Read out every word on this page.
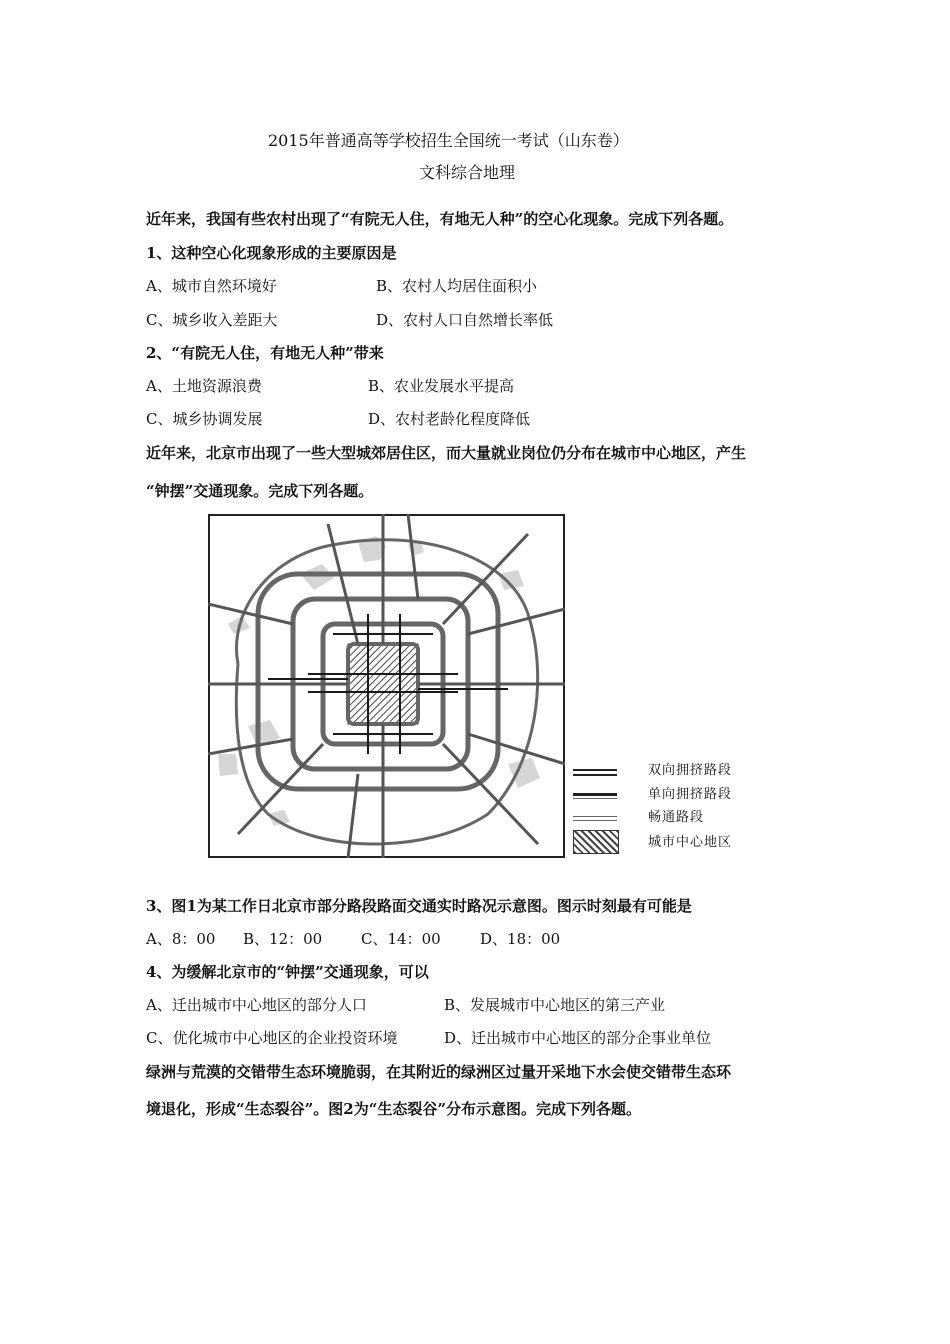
2015年普通高等学校招生全国统一考试（山东卷）
文科综合地理
近年来，我国有些农村出现了“有院无人住，有地无人种”的空心化现象。完成下列各题。
1、这种空心化现象形成的主要原因是
A、城市自然环境好	B、农村人均居住面积小
C、城乡收入差距大	D、农村人口自然增长率低
2、“有院无人住，有地无人种”带来
A、土地资源浪费	B、农业发展水平提高
C、城乡协调发展	D、农村老龄化程度降低
近年来，北京市出现了一些大型城郊居住区，而大量就业岗位仍分布在城市中心地区，产生
“钟摆”交通现象。完成下列各题。
双向拥挤路段
单向拥挤路段
畅通路段
城市中心地区
3、图1为某工作日北京市部分路段路面交通实时路况示意图。图示时刻最有可能是
A、8：00 B、12：00	C、14：00	D、18：00
4、为缓解北京市的“钟摆”交通现象，可以
A、迁出城市中心地区的部分人口	B、发展城市中心地区的第三产业
C、优化城市中心地区的企业投资环境	D、迁出城市中心地区的部分企事业单位
绿洲与荒漠的交错带生态环境脆弱，在其附近的绿洲区过量开采地下水会使交错带生态环
境退化，形成“生态裂谷”。图2为“生态裂谷”分布示意图。完成下列各题。
